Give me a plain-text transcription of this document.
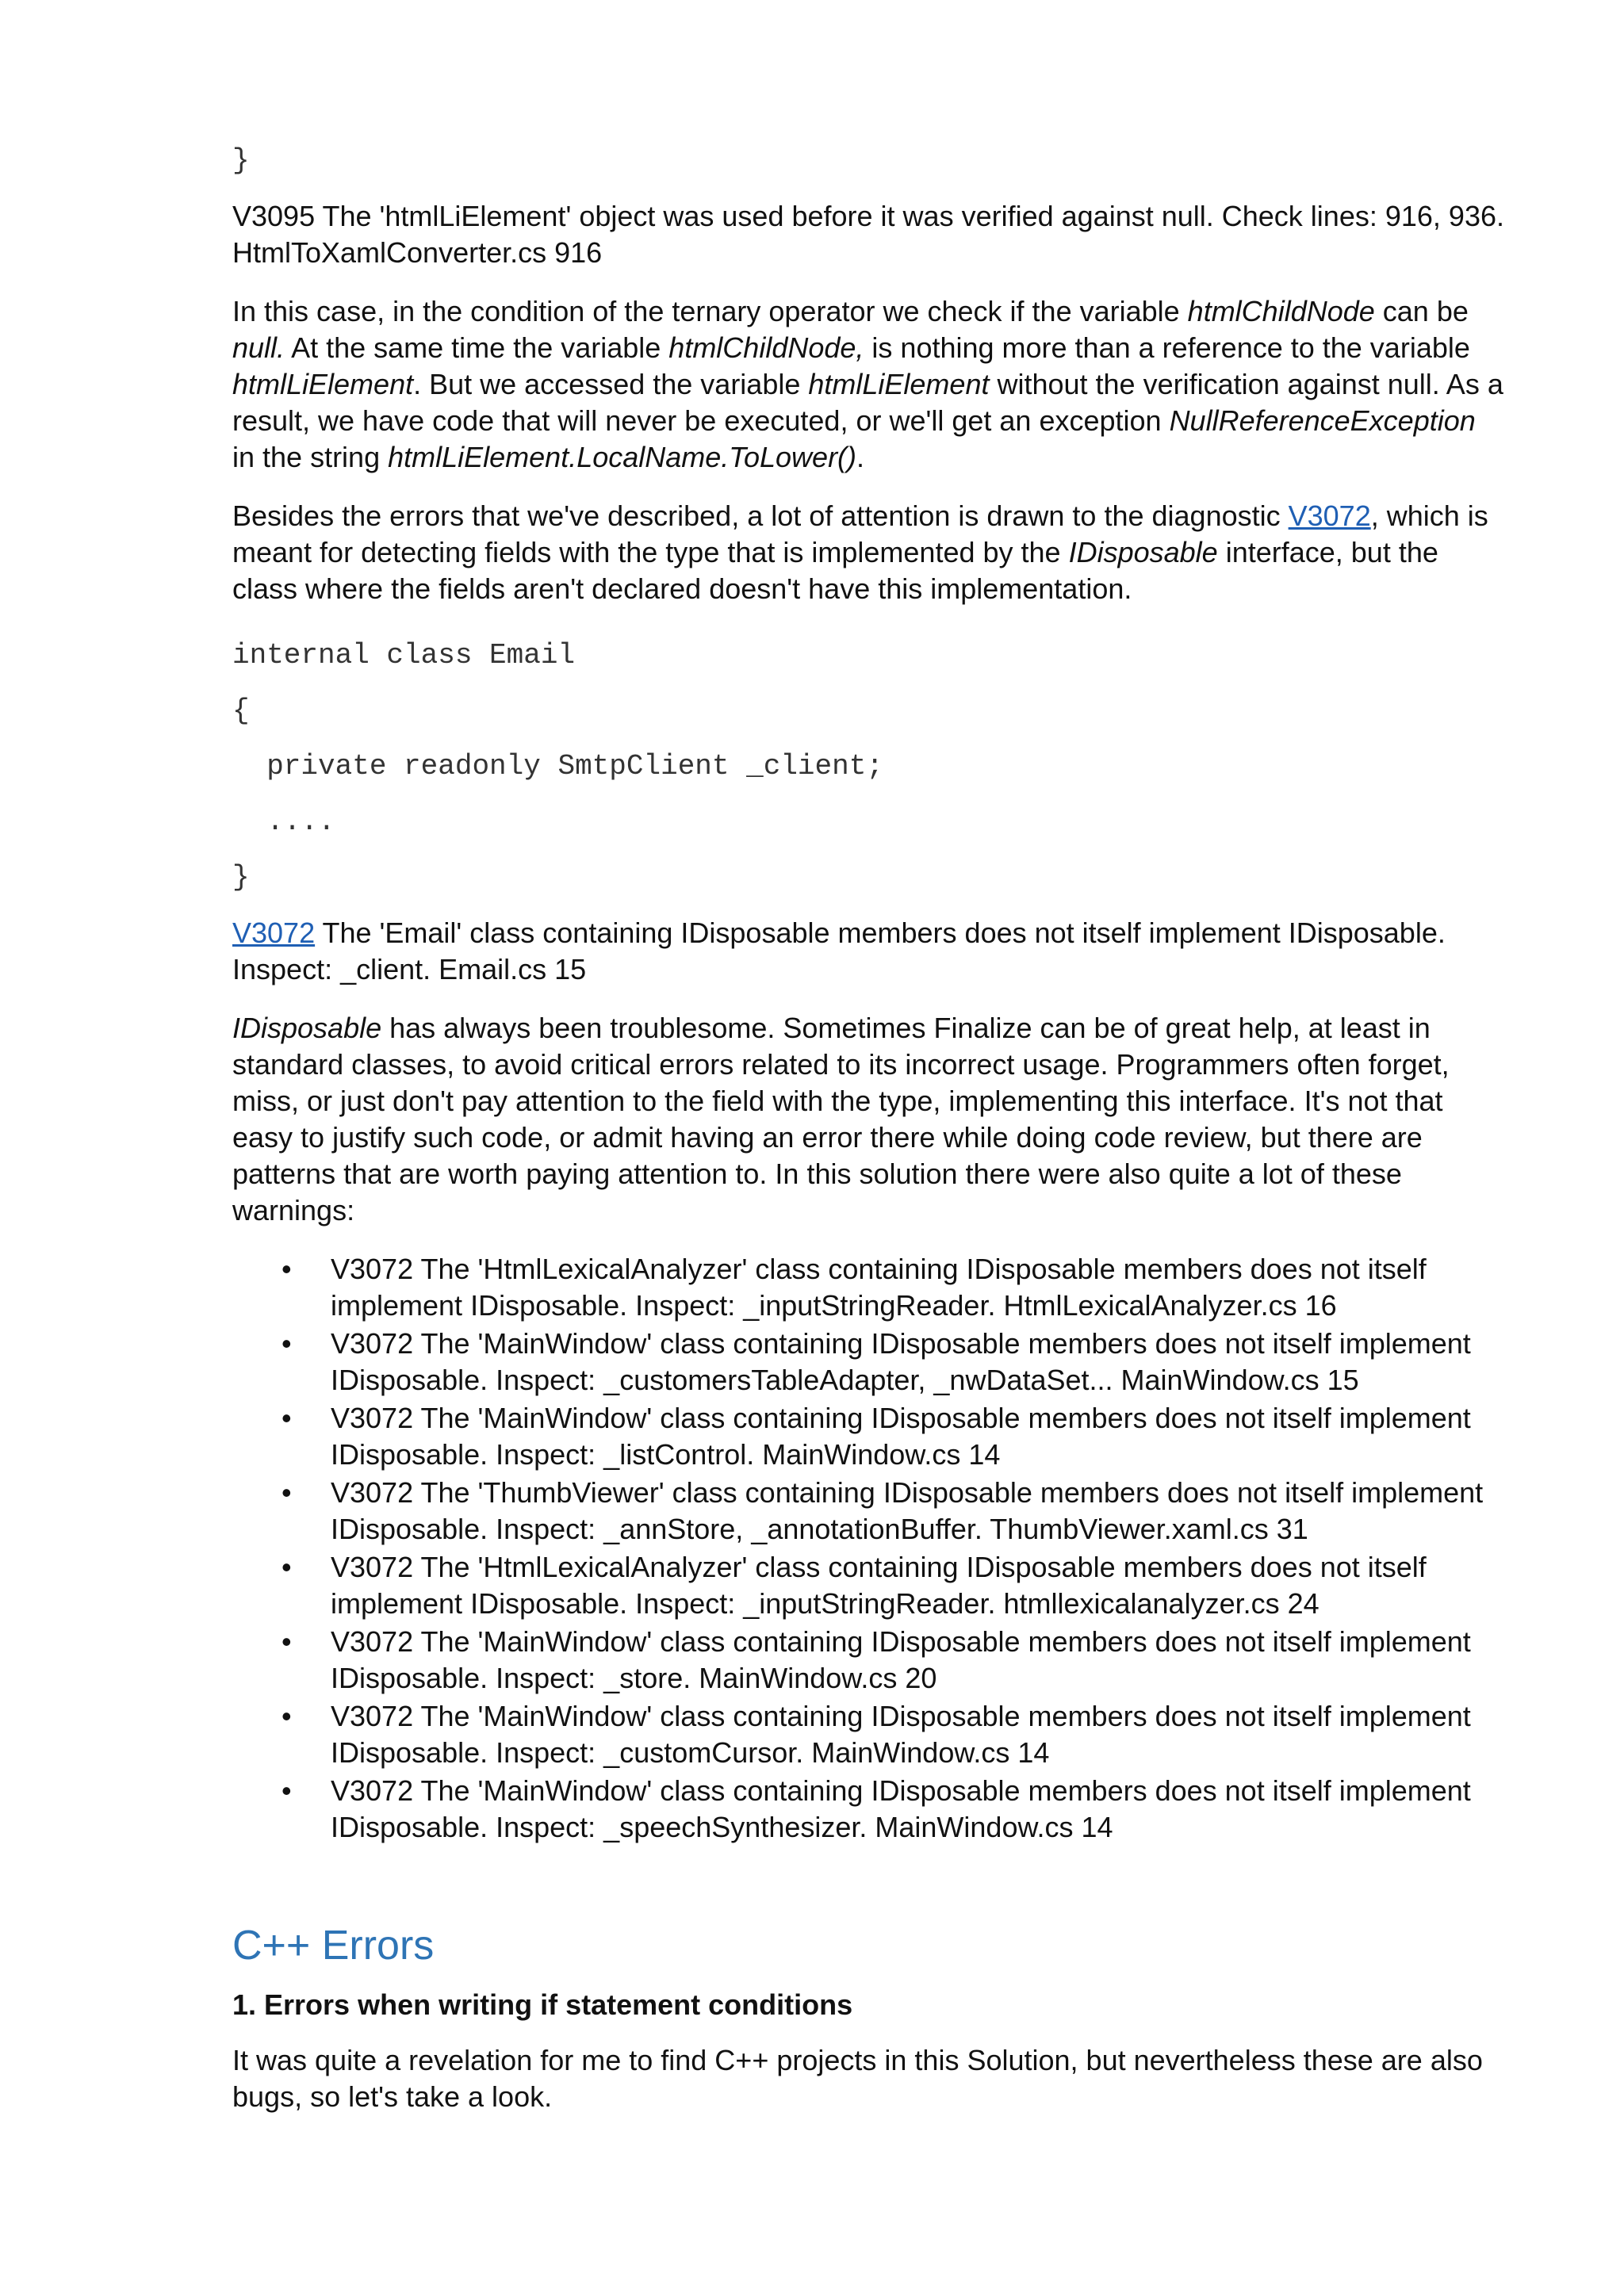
}

V3095 The 'htmlLiElement' object was used before it was verified against null. Check lines: 916, 936.
HtmlToXamlConverter.cs 916

In this case, in the condition of the ternary operator we check if the variable htmlChildNode can be null. At the same time the variable htmlChildNode, is nothing more than a reference to the variable htmlLiElement. But we accessed the variable htmlLiElement without the verification against null. As a result, we have code that will never be executed, or we'll get an exception NullReferenceException in the string htmlLiElement.LocalName.ToLower().

Besides the errors that we've described, a lot of attention is drawn to the diagnostic V3072, which is meant for detecting fields with the type that is implemented by the IDisposable interface, but the class where the fields aren't declared doesn't have this implementation.

internal class Email
{
private readonly SmtpClient _client;
....
}

V3072 The 'Email' class containing IDisposable members does not itself implement IDisposable. Inspect: _client. Email.cs 15

IDisposable has always been troublesome. Sometimes Finalize can be of great help, at least in standard classes, to avoid critical errors related to its incorrect usage. Programmers often forget, miss, or just don't pay attention to the field with the type, implementing this interface. It's not that easy to justify such code, or admit having an error there while doing code review, but there are patterns that are worth paying attention to. In this solution there were also quite a lot of these warnings:

• V3072 The 'HtmlLexicalAnalyzer' class containing IDisposable members does not itself
implement IDisposable. Inspect: _inputStringReader. HtmlLexicalAnalyzer.cs 16
• V3072 The 'MainWindow' class containing IDisposable members does not itself implement
IDisposable. Inspect: _customersTableAdapter, _nwDataSet... MainWindow.cs 15
• V3072 The 'MainWindow' class containing IDisposable members does not itself implement
IDisposable. Inspect: _listControl. MainWindow.cs 14
• V3072 The 'ThumbViewer' class containing IDisposable members does not itself implement
IDisposable. Inspect: _annStore, _annotationBuffer. ThumbViewer.xaml.cs 31
• V3072 The 'HtmlLexicalAnalyzer' class containing IDisposable members does not itself
implement IDisposable. Inspect: _inputStringReader. htmllexicalanalyzer.cs 24
• V3072 The 'MainWindow' class containing IDisposable members does not itself implement
IDisposable. Inspect: _store. MainWindow.cs 20
• V3072 The 'MainWindow' class containing IDisposable members does not itself implement
IDisposable. Inspect: _customCursor. MainWindow.cs 14
• V3072 The 'MainWindow' class containing IDisposable members does not itself implement
IDisposable. Inspect: _speechSynthesizer. MainWindow.cs 14
C++ Errors

1. Errors when writing if statement conditions

It was quite a revelation for me to find C++ projects in this Solution, but nevertheless these are also
bugs, so let's take a look.
